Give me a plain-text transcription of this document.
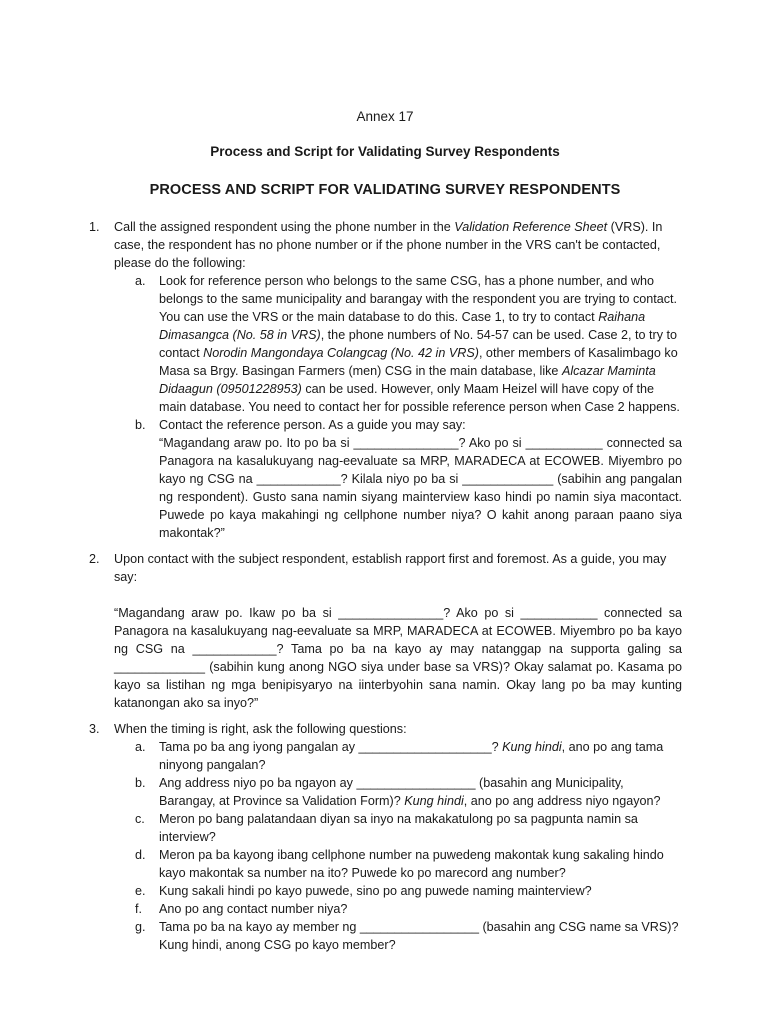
Annex 17
Process and Script for Validating Survey Respondents
PROCESS AND SCRIPT FOR VALIDATING SURVEY RESPONDENTS
1. Call the assigned respondent using the phone number in the Validation Reference Sheet (VRS). In case, the respondent has no phone number or if the phone number in the VRS can't be contacted, please do the following:
a. Look for reference person who belongs to the same CSG, has a phone number, and who belongs to the same municipality and barangay with the respondent you are trying to contact. You can use the VRS or the main database to do this. Case 1, to try to contact Raihana Dimasangca (No. 58 in VRS), the phone numbers of No. 54-57 can be used. Case 2, to try to contact Norodin Mangondaya Colangcag (No. 42 in VRS), other members of Kasalimbago ko Masa sa Brgy. Basingan Farmers (men) CSG in the main database, like Alcazar Maminta Didaagun (09501228953) can be used. However, only Maam Heizel will have copy of the main database. You need to contact her for possible reference person when Case 2 happens.
b. Contact the reference person. As a guide you may say:
“Magandang araw po. Ito po ba si _______________? Ako po si ___________ connected sa Panagora na kasalukuyang nag-eevaluate sa MRP, MARADECA at ECOWEB. Miyembro po kayo ng CSG na ____________? Kilala niyo po ba si _____________ (sabihin ang pangalan ng respondent). Gusto sana namin siyang mainterview kaso hindi po namin siya macontact. Puwede po kaya makahingi ng cellphone number niya? O kahit anong paraan paano siya makontak?”
2. Upon contact with the subject respondent, establish rapport first and foremost. As a guide, you may say:
“Magandang araw po. Ikaw po ba si _______________? Ako po si ___________ connected sa Panagora na kasalukuyang nag-eevaluate sa MRP, MARADECA at ECOWEB. Miyembro po ba kayo ng CSG na ____________? Tama po ba na kayo ay may natanggap na supporta galing sa _____________ (sabihin kung anong NGO siya under base sa VRS)? Okay salamat po. Kasama po kayo sa listihan ng mga benipisyaryo na iinterbyohin sana namin. Okay lang po ba may kunting katanongan ako sa inyo?”
3. When the timing is right, ask the following questions:
a. Tama po ba ang iyong pangalan ay ___________________? Kung hindi, ano po ang tama ninyong pangalan?
b. Ang address niyo po ba ngayon ay _________________ (basahin ang Municipality, Barangay, at Province sa Validation Form)? Kung hindi, ano po ang address niyo ngayon?
c. Meron po bang palatandaan diyan sa inyo na makakatulong po sa pagpunta namin sa interview?
d. Meron pa ba kayong ibang cellphone number na puwedeng makontak kung sakaling hindo kayo makontak sa number na ito? Puwede ko po marecord ang number?
e. Kung sakali hindi po kayo puwede, sino po ang puwede naming mainterview?
f. Ano po ang contact number niya?
g. Tama po ba na kayo ay member ng _________________ (basahin ang CSG name sa VRS)? Kung hindi, anong CSG po kayo member?
